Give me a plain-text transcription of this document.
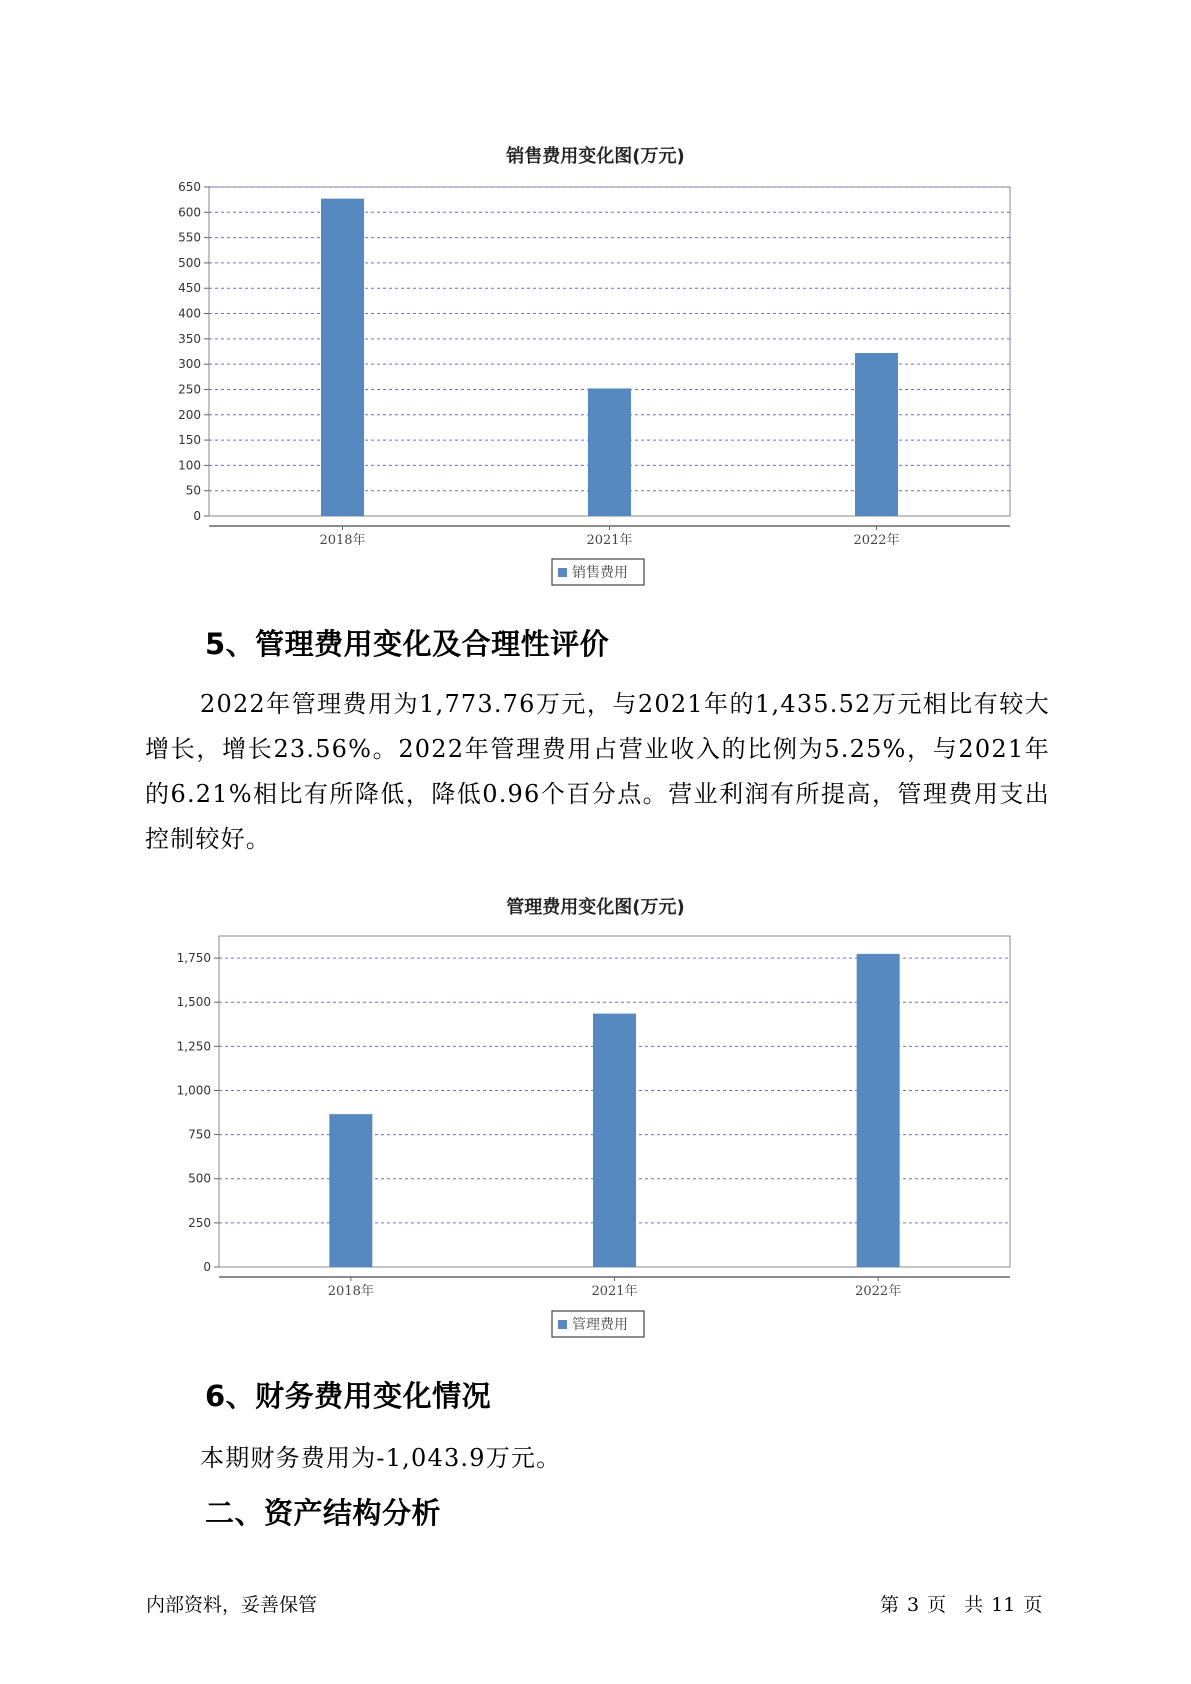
销售费用变化图(万元)
0
50
100
150
200
250
300
350
400
450
500
550
600
650
2018年	2021年	2022年
销售费用
5、管理费用变化及合理性评价
2022年管理费用为1,773.76万元，与2021年的1,435.52万元相比有较大增长，增长23.56%。2022年管理费用占营业收入的比例为5.25%，与2021年的6.21%相比有所降低，降低0.96个百分点。营业利润有所提高，管理费用支出控制较好。
管理费用变化图(万元)
0
250
500
750
1,000
1,250
1,500
1,750
2018年	2021年	2022年
管理费用
6、财务费用变化情况
本期财务费用为-1,043.9万元。
二、资产结构分析
内部资料，妥善保管	第 3 页 共 11 页
